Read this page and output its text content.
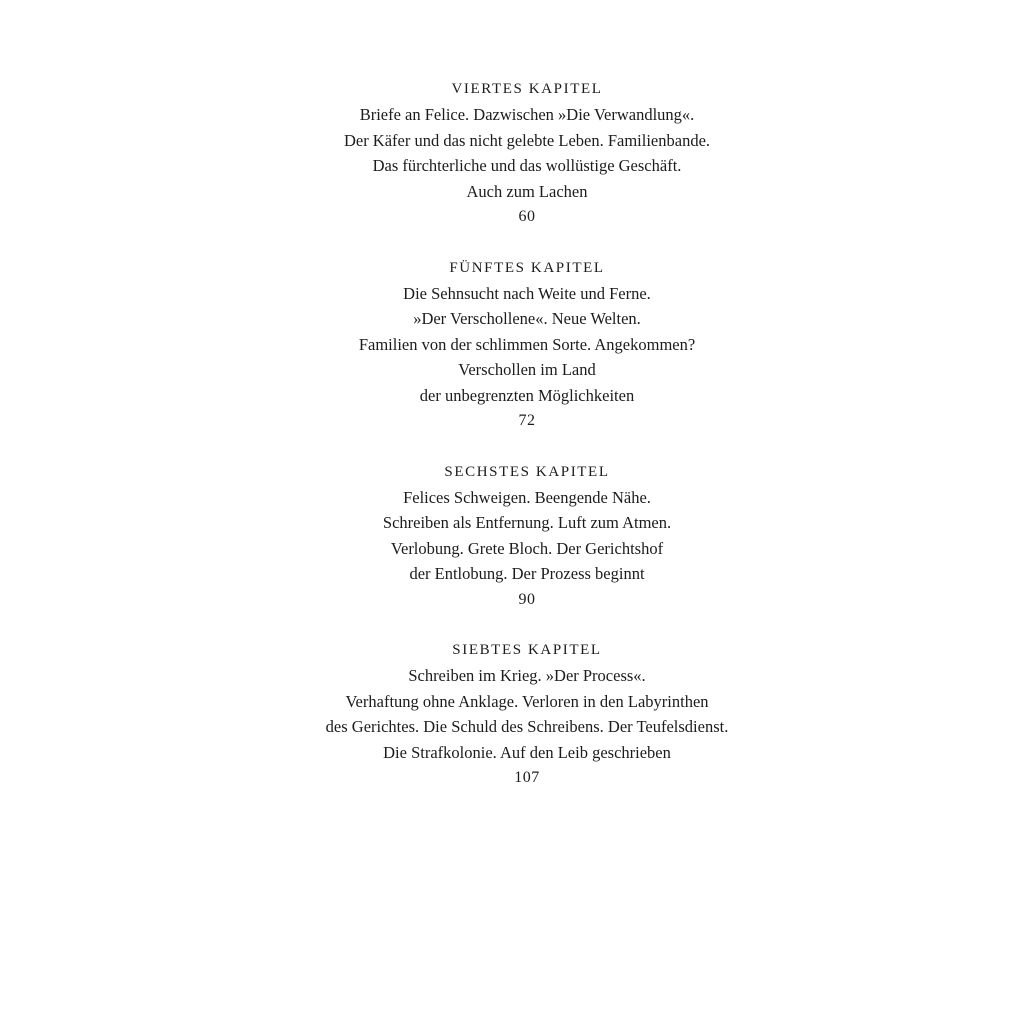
VIERTES KAPITEL
Briefe an Felice. Dazwischen »Die Verwandlung«.
Der Käfer und das nicht gelebte Leben. Familienbande.
Das fürchterliche und das wollüstige Geschäft.
Auch zum Lachen
60
FÜNFTES KAPITEL
Die Sehnsucht nach Weite und Ferne.
»Der Verschollene«. Neue Welten.
Familien von der schlimmen Sorte. Angekommen?
Verschollen im Land
der unbegrenzten Möglichkeiten
72
SECHSTES KAPITEL
Felices Schweigen. Beengende Nähe.
Schreiben als Entfernung. Luft zum Atmen.
Verlobung. Grete Bloch. Der Gerichtshof
der Entlobung. Der Prozess beginnt
90
SIEBTES KAPITEL
Schreiben im Krieg. »Der Process«.
Verhaftung ohne Anklage. Verloren in den Labyrinthen
des Gerichtes. Die Schuld des Schreibens. Der Teufelsdienst.
Die Strafkolonie. Auf den Leib geschrieben
107
